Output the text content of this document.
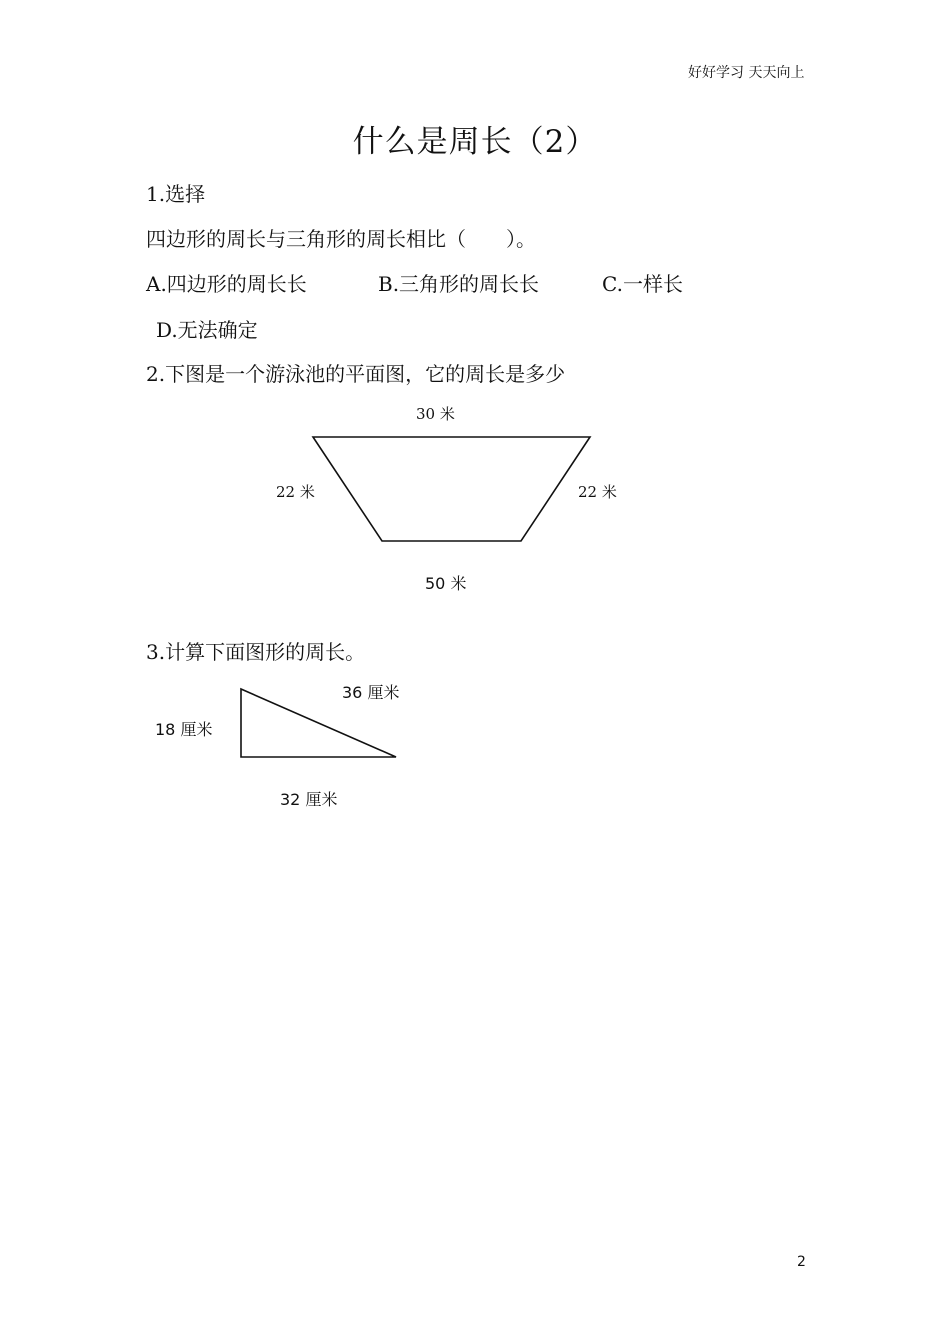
好好学习 天天向上
什么是周长（2）
1.选择
四边形的周长与三角形的周长相比（　　）。
A.四边形的周长长	B.三角形的周长长	C.一样长
D.无法确定
2.下图是一个游泳池的平面图，它的周长是多少
30 米
22 米	22 米
50 米
3.计算下面图形的周长。
36 厘米
18 厘米
32 厘米
2
